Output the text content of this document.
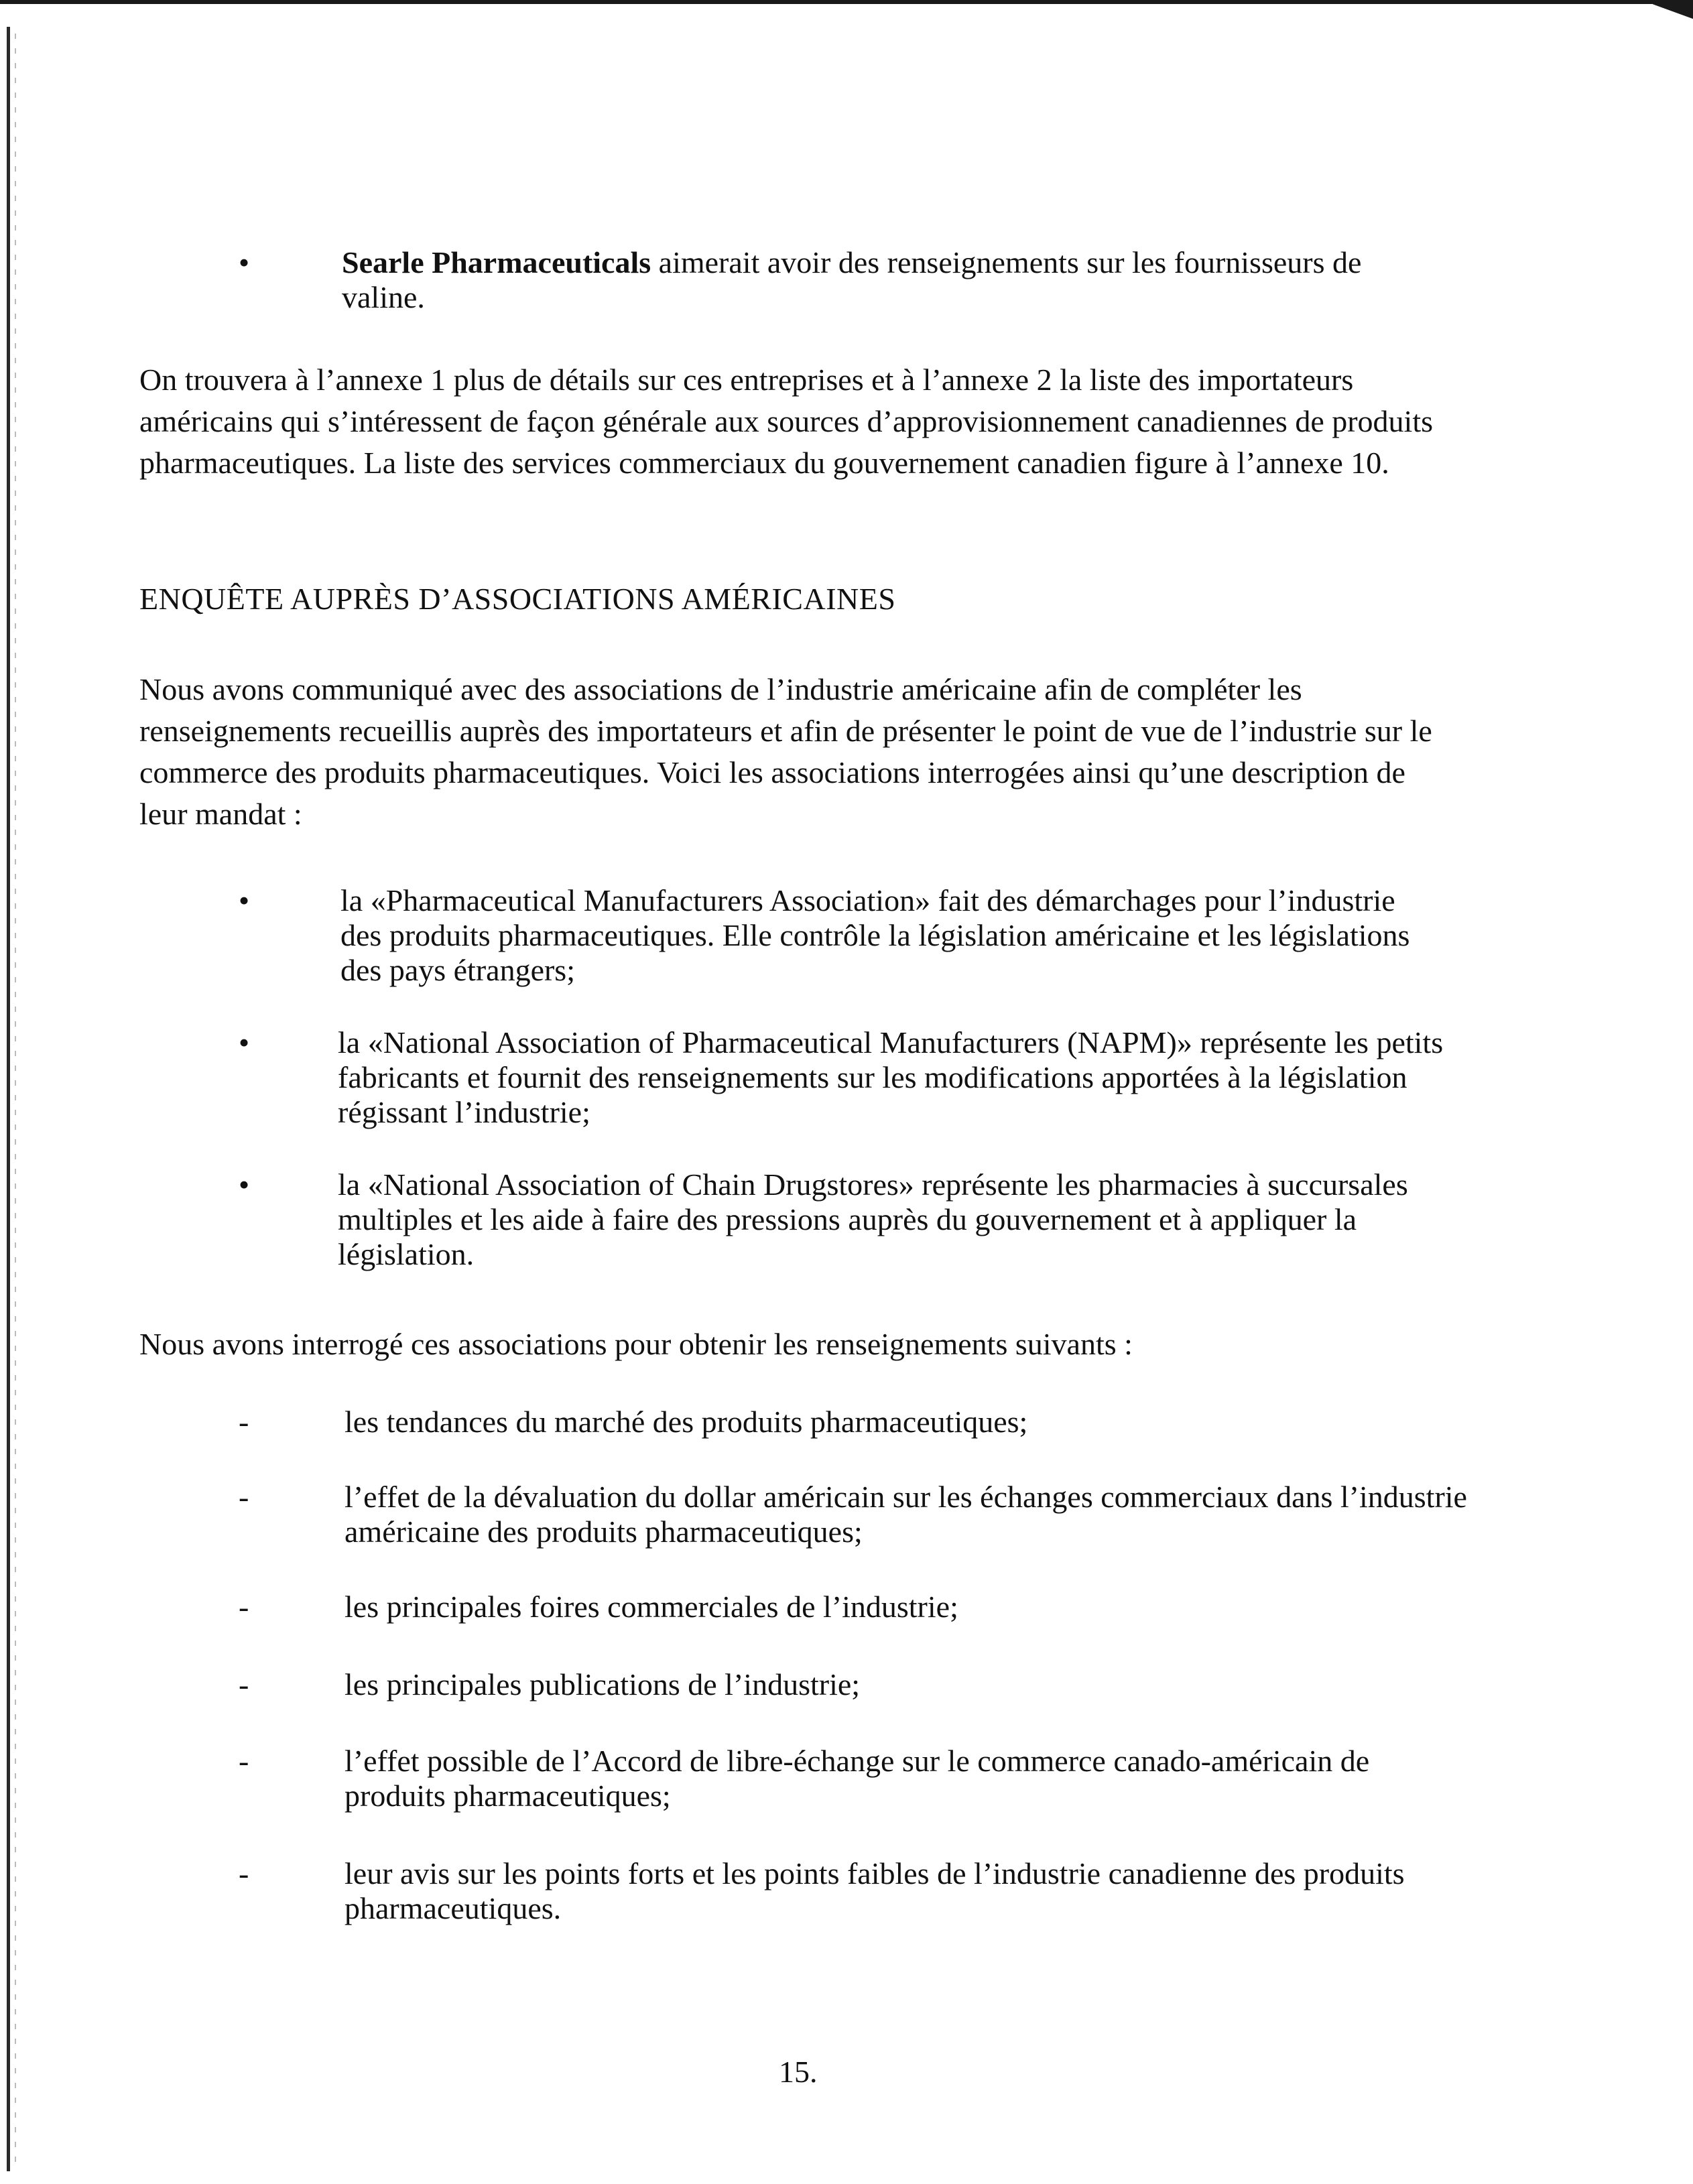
•	Searle Pharmaceuticals aimerait avoir des renseignements sur les fournisseurs de valine.

On trouvera à l’annexe 1 plus de détails sur ces entreprises et à l’annexe 2 la liste des importateurs américains qui s’intéressent de façon générale aux sources d’approvisionnement canadiennes de produits pharmaceutiques. La liste des services commerciaux du gouvernement canadien figure à l’annexe 10.

ENQUÊTE AUPRÈS D’ASSOCIATIONS AMÉRICAINES

Nous avons communiqué avec des associations de l’industrie américaine afin de compléter les renseignements recueillis auprès des importateurs et afin de présenter le point de vue de l’industrie sur le commerce des produits pharmaceutiques. Voici les associations interrogées ainsi qu’une description de leur mandat :

•	la «Pharmaceutical Manufacturers Association» fait des démarchages pour l’industrie des produits pharmaceutiques. Elle contrôle la législation américaine et les législations des pays étrangers;
•	la «National Association of Pharmaceutical Manufacturers (NAPM)» représente les petits fabricants et fournit des renseignements sur les modifications apportées à la législation régissant l’industrie;
•	la «National Association of Chain Drugstores» représente les pharmacies à succursales multiples et les aide à faire des pressions auprès du gouvernement et à appliquer la législation.

Nous avons interrogé ces associations pour obtenir les renseignements suivants :

-	les tendances du marché des produits pharmaceutiques;
-	l’effet de la dévaluation du dollar américain sur les échanges commerciaux dans l’industrie américaine des produits pharmaceutiques;
-	les principales foires commerciales de l’industrie;
-	les principales publications de l’industrie;
-	l’effet possible de l’Accord de libre-échange sur le commerce canado-américain de produits pharmaceutiques;
-	leur avis sur les points forts et les points faibles de l’industrie canadienne des produits pharmaceutiques.
15.
